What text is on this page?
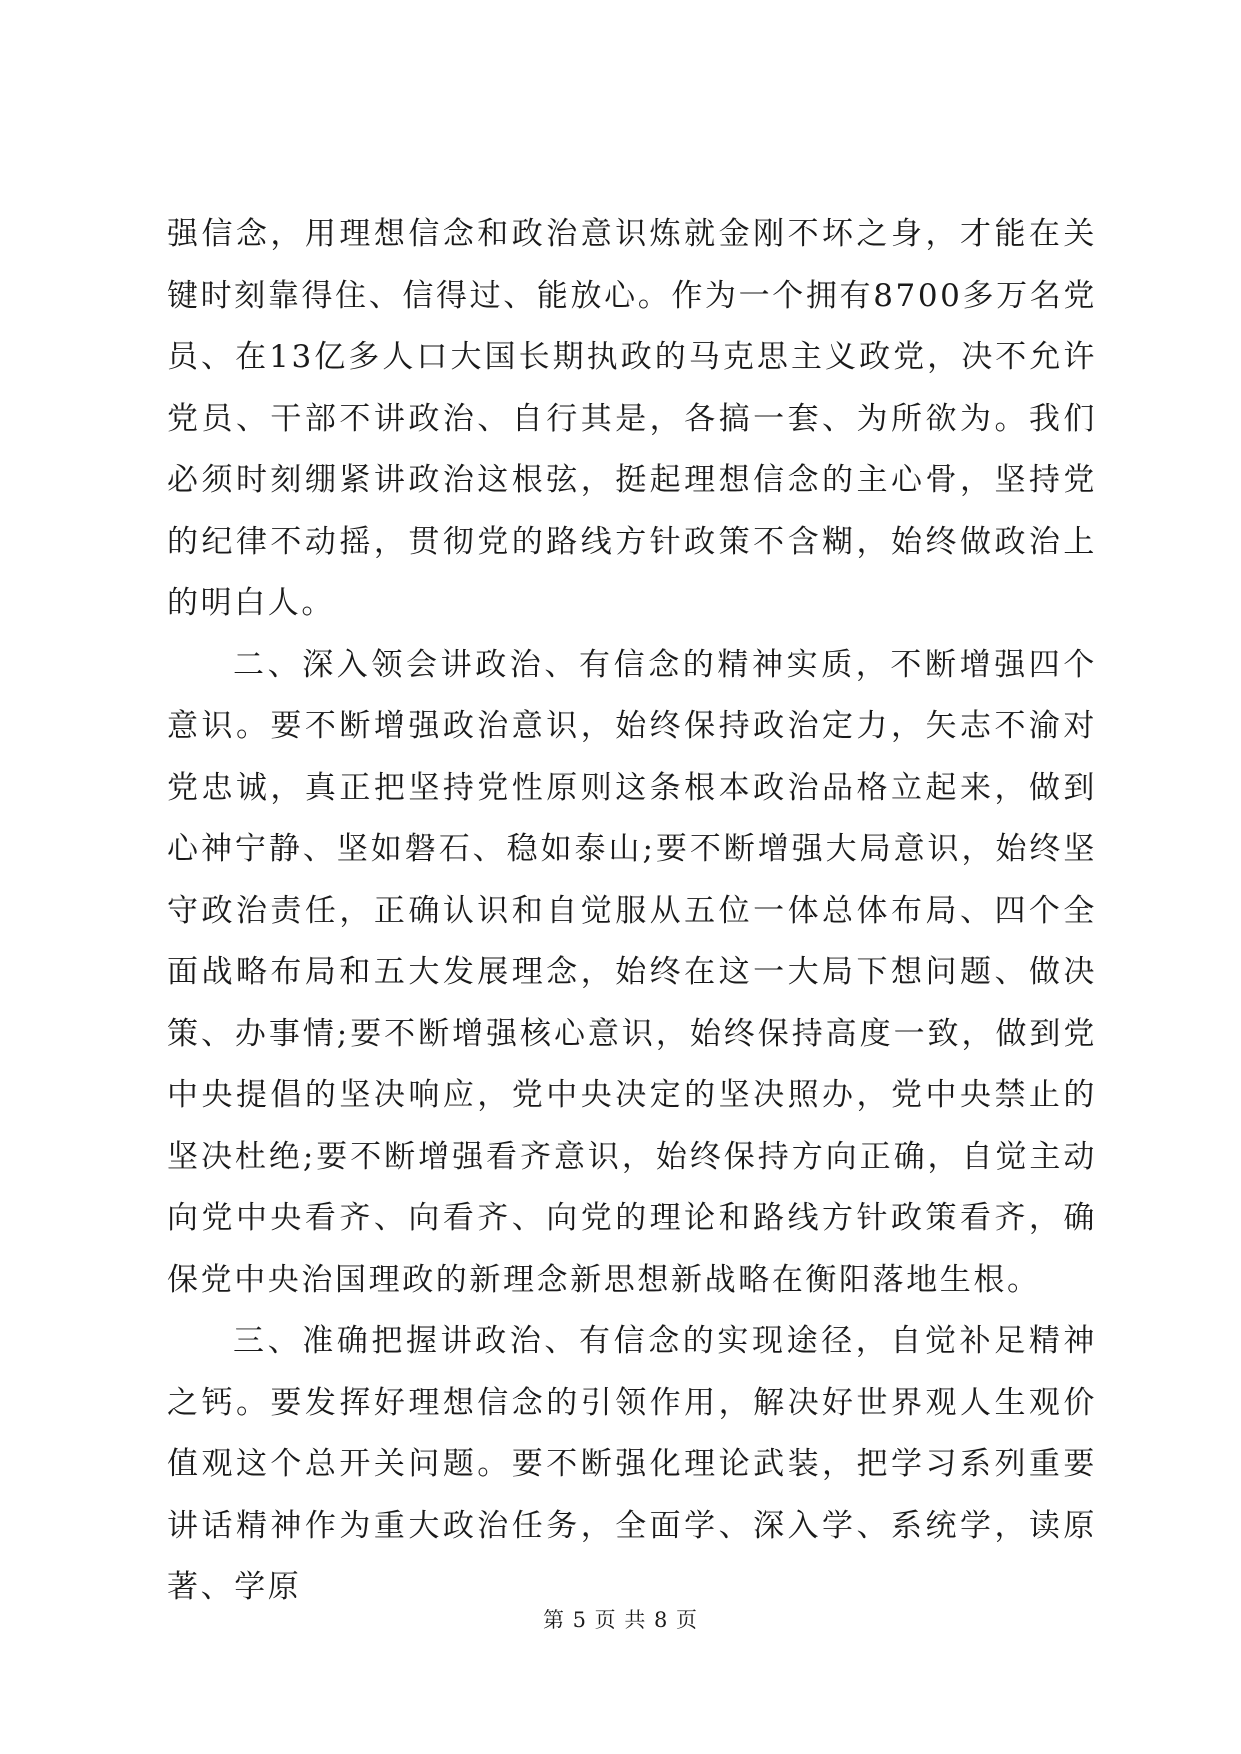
强信念，用理想信念和政治意识炼就金刚不坏之身，才能在关键时刻靠得住、信得过、能放心。作为一个拥有8700多万名党员、在13亿多人口大国长期执政的马克思主义政党，决不允许党员、干部不讲政治、自行其是，各搞一套、为所欲为。我们必须时刻绷紧讲政治这根弦，挺起理想信念的主心骨，坚持党的纪律不动摇，贯彻党的路线方针政策不含糊，始终做政治上的明白人。

二、深入领会讲政治、有信念的精神实质，不断增强四个意识。要不断增强政治意识，始终保持政治定力，矢志不渝对党忠诚，真正把坚持党性原则这条根本政治品格立起来，做到心神宁静、坚如磐石、稳如泰山;要不断增强大局意识，始终坚守政治责任，正确认识和自觉服从五位一体总体布局、四个全面战略布局和五大发展理念，始终在这一大局下想问题、做决策、办事情;要不断增强核心意识，始终保持高度一致，做到党中央提倡的坚决响应，党中央决定的坚决照办，党中央禁止的坚决杜绝;要不断增强看齐意识，始终保持方向正确，自觉主动向党中央看齐、向看齐、向党的理论和路线方针政策看齐，确保党中央治国理政的新理念新思想新战略在衡阳落地生根。

三、准确把握讲政治、有信念的实现途径，自觉补足精神之钙。要发挥好理想信念的引领作用，解决好世界观人生观价值观这个总开关问题。要不断强化理论武装，把学习系列重要讲话精神作为重大政治任务，全面学、深入学、系统学，读原著、学原

第 5 页 共 8 页
